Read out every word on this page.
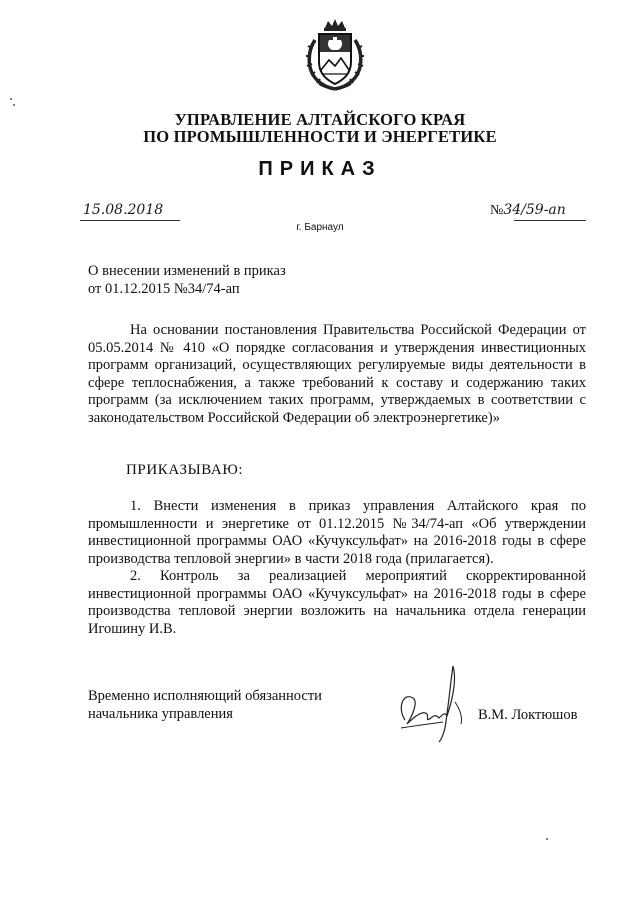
УПРАВЛЕНИЕ АЛТАЙСКОГО КРАЯ
ПО ПРОМЫШЛЕННОСТИ И ЭНЕРГЕТИКЕ
ПРИКАЗ
15.08.2018	№34/59-ап
г. Барнаул
О внесении изменений в приказ
от 01.12.2015 №34/74-ап
На основании постановления Правительства Российской Федерации от 05.05.2014 № 410 «О порядке согласования и утверждения инвестиционных программ организаций, осуществляющих регулируемые виды деятельности в сфере теплоснабжения, а также требований к составу и содержанию таких программ (за исключением таких программ, утверждаемых в соответствии с законодательством Российской Федерации об электроэнергетике)»
ПРИКАЗЫВАЮ:
1. Внести изменения в приказ управления Алтайского края по промышленности и энергетике от 01.12.2015 №34/74-ап «Об утверждении инвестиционной программы ОАО «Кучуксульфат» на 2016-2018 годы в сфере производства тепловой энергии» в части 2018 года (прилагается).
2. Контроль за реализацией мероприятий скорректированной инвестиционной программы ОАО «Кучуксульфат» на 2016-2018 годы в сфере производства тепловой энергии возложить на начальника отдела генерации Игошину И.В.
Временно исполняющий обязанности
начальника управления	В.М. Локтюшов
